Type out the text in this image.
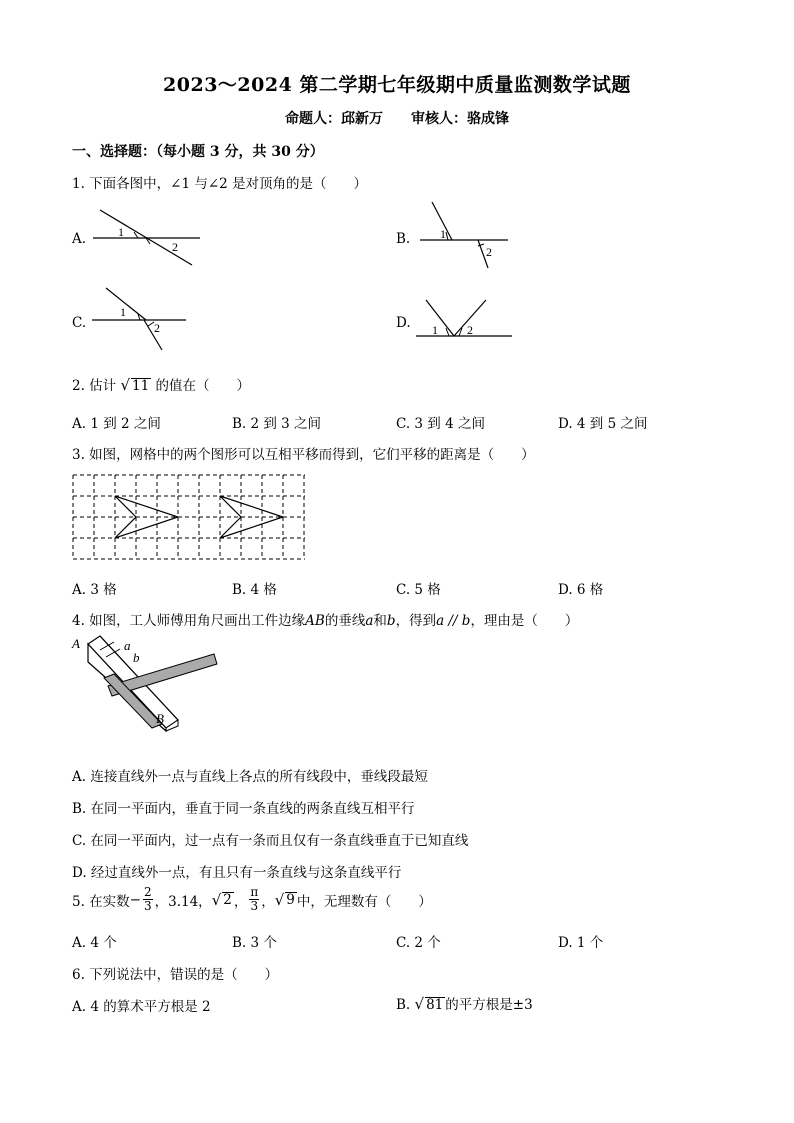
2023～2024 第二学期七年级期中质量监测数学试题
命题人：邱新万 审核人：骆成锋
一、选择题：（每小题 3 分，共 30 分）
1. 下面各图中，∠1 与∠2 是对顶角的是（　　）
A.	1
2	B. 1
2
C.
1
2	D. 1 2
2. 估计 √ 11 的值在（　　）
A. 1 到 2 之间	B. 2 到 3 之间	C. 3 到 4 之间	D. 4 到 5 之间
3. 如图，网格中的两个图形可以互相平移而得到，它们平移的距离是（　　）
A. 3 格	B. 4 格	C. 5 格	D. 6 格
4. 如图，工人师傅用角尺画出工件边缘AB的垂线a和b，得到a // b，理由是（　　）
A	a
b
B
A. 连接直线外一点与直线上各点的所有线段中，垂线段最短
B. 在同一平面内，垂直于同一条直线的两条直线互相平行
C. 在同一平面内，过一点有一条而且仅有一条直线垂直于已知直线
D. 经过直线外一点，有且只有一条直线与这条直线平行
5. 在实数 − $\frac{2}{3}$ ，3.14， √ 2 ， $\frac{\pi}{3}$ ， √ 9 中，无理数有（　　）
A. 4 个	B. 3 个	C. 2 个	D. 1 个
6. 下列说法中，错误的是（　　）
A. 4 的算术平方根是 2	B. √ 81 的平方根是±3
